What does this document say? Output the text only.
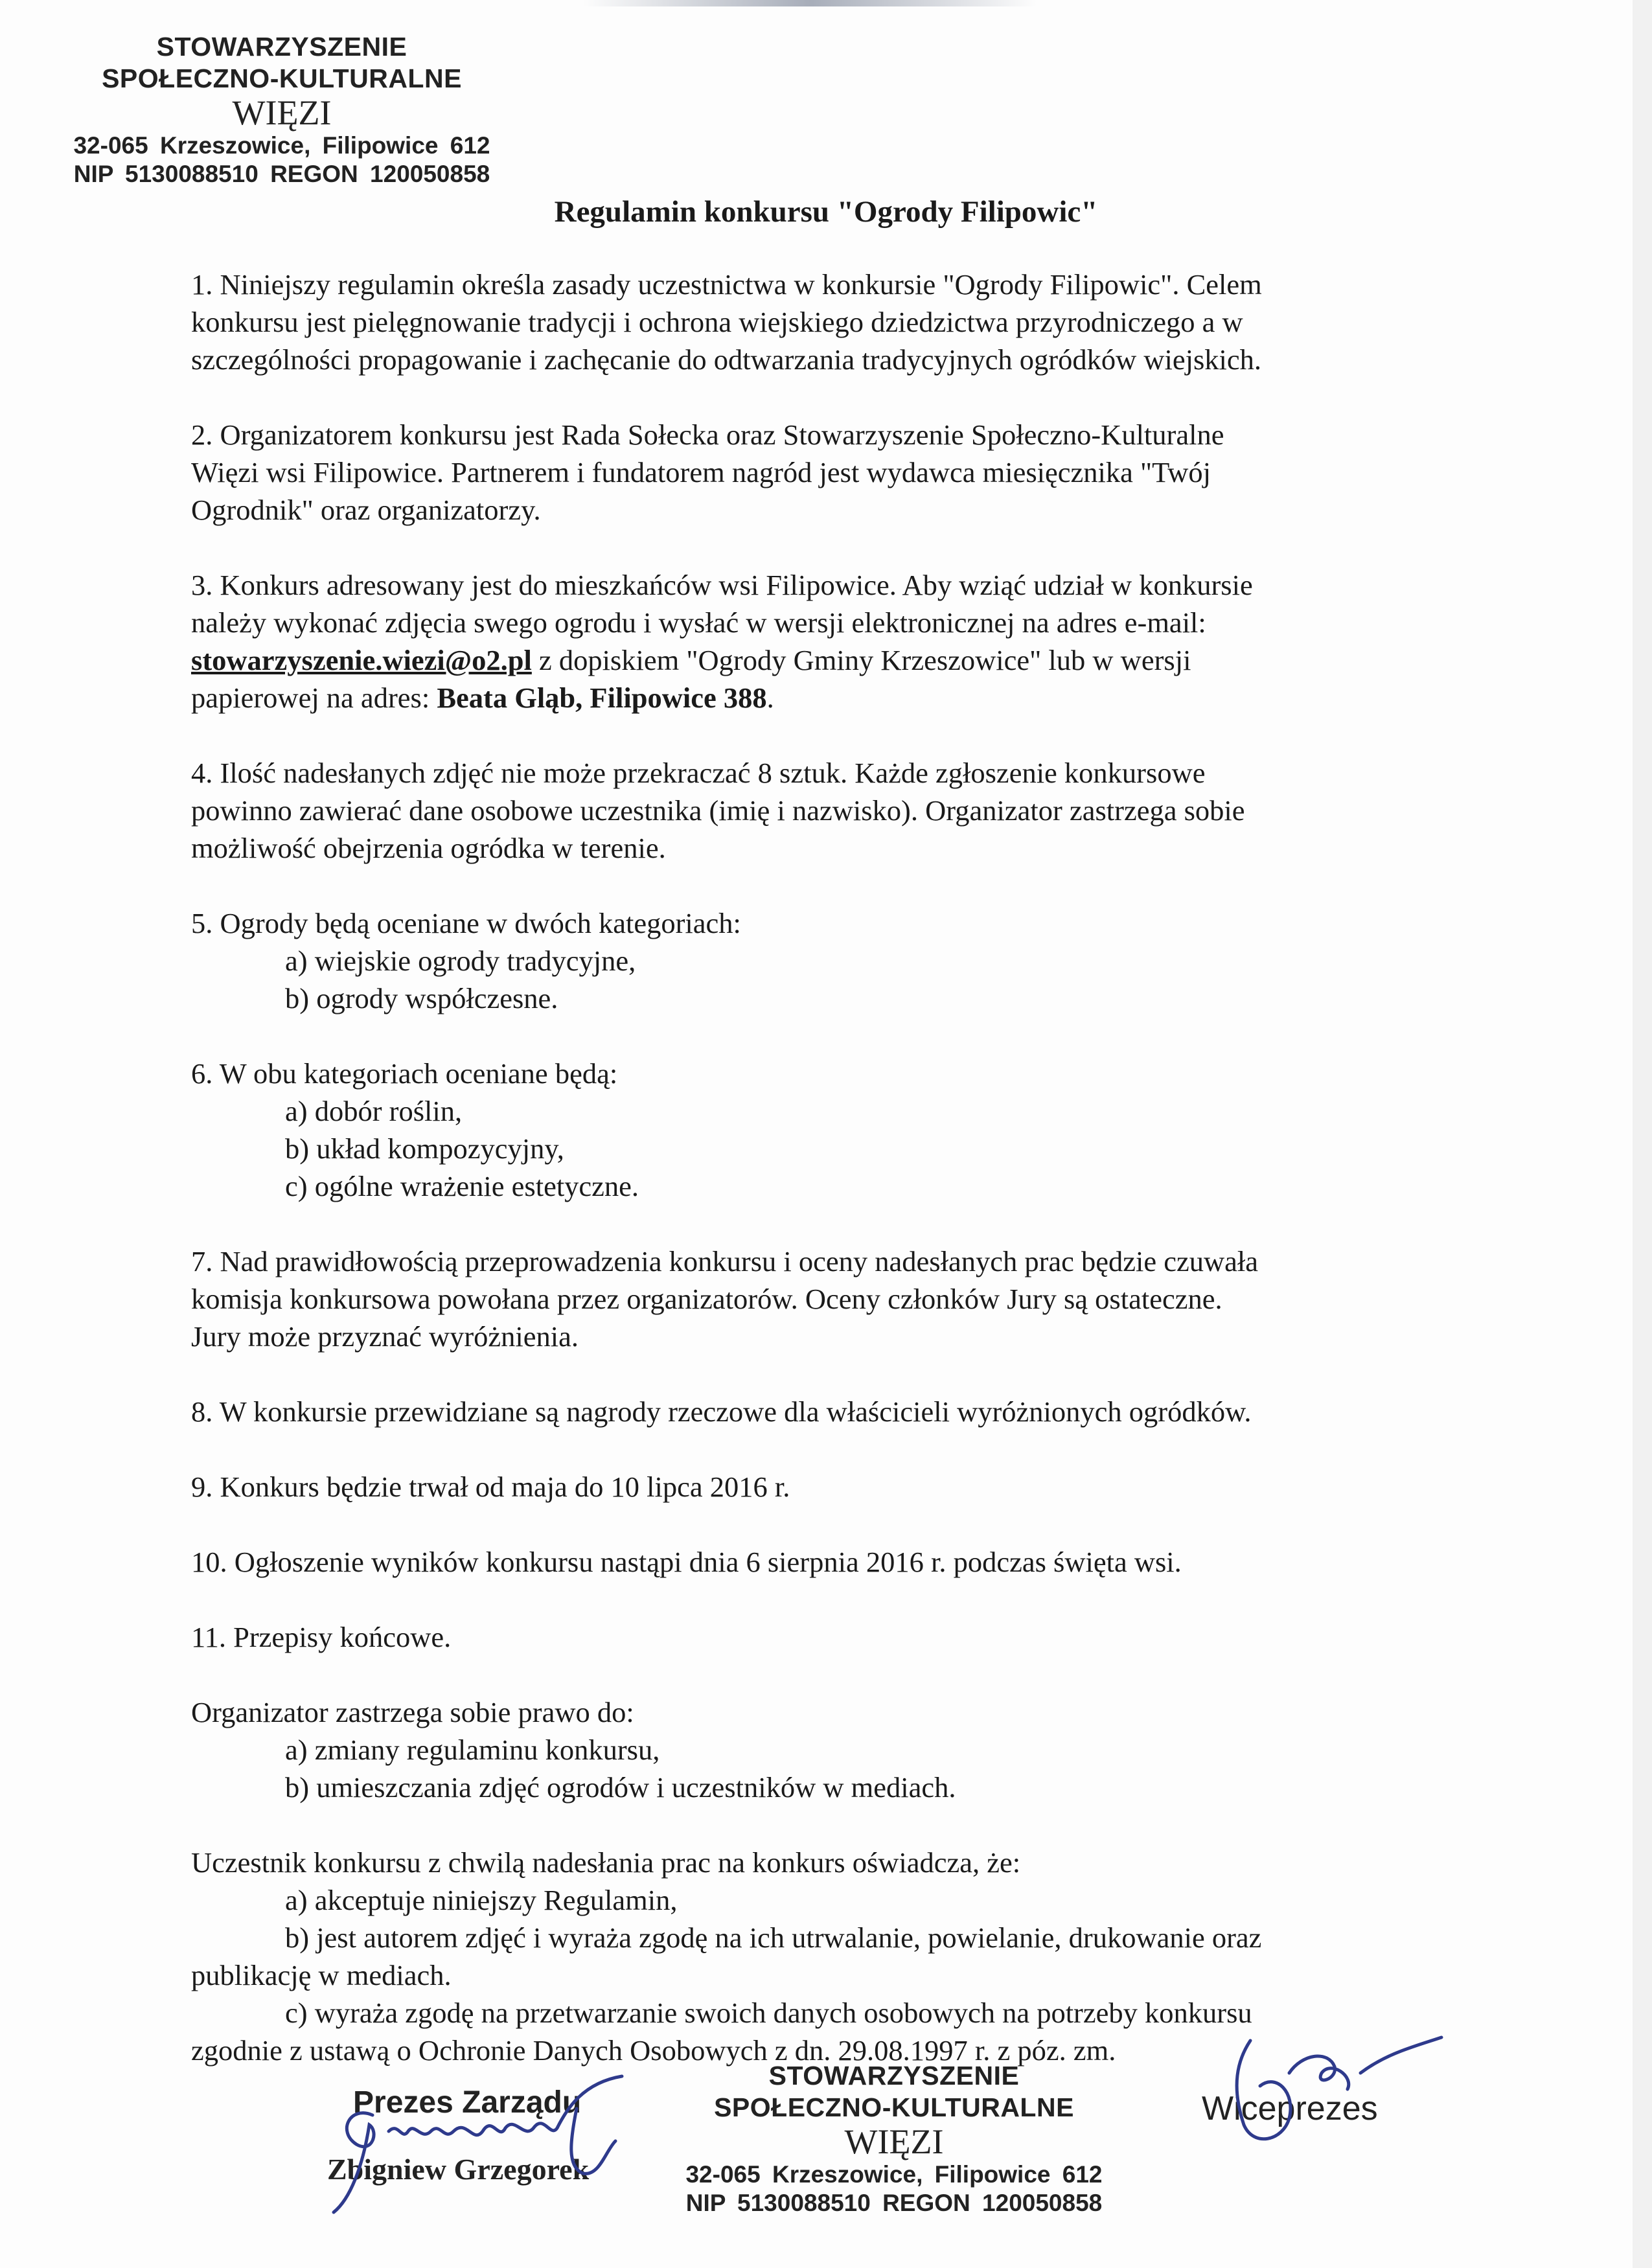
STOWARZYSZENIE
SPOŁECZNO-KULTURALNE
WIĘZI
32-065 Krzeszowice, Filipowice 612
NIP 5130088510 REGON 120050858
Regulamin konkursu "Ogrody Filipowic"

1. Niniejszy regulamin określa zasady uczestnictwa w konkursie "Ogrody Filipowic". Celem

konkursu jest pielęgnowanie tradycji i ochrona wiejskiego dziedzictwa przyrodniczego a w

szczególności propagowanie i zachęcanie do odtwarzania tradycyjnych ogródków wiejskich.

2. Organizatorem konkursu jest Rada Sołecka oraz Stowarzyszenie Społeczno-Kulturalne

Więzi wsi Filipowice. Partnerem i fundatorem nagród jest wydawca miesięcznika "Twój

Ogrodnik" oraz organizatorzy.

3. Konkurs adresowany jest do mieszkańców wsi Filipowice. Aby wziąć udział w konkursie

należy wykonać zdjęcia swego ogrodu i wysłać w wersji elektronicznej na adres e-mail:

stowarzyszenie.wiezi@o2.pl z dopiskiem "Ogrody Gminy Krzeszowice" lub w wersji

papierowej na adres: Beata Gląb, Filipowice 388.

4. Ilość nadesłanych zdjęć nie może przekraczać 8 sztuk. Każde zgłoszenie konkursowe

powinno zawierać dane osobowe uczestnika (imię i nazwisko). Organizator zastrzega sobie

możliwość obejrzenia ogródka w terenie.

5. Ogrody będą oceniane w dwóch kategoriach:

a) wiejskie ogrody tradycyjne,

b) ogrody współczesne.

6. W obu kategoriach oceniane będą:

a) dobór roślin,

b) układ kompozycyjny,

c) ogólne wrażenie estetyczne.

7. Nad prawidłowością przeprowadzenia konkursu i oceny nadesłanych prac będzie czuwała

komisja konkursowa powołana przez organizatorów. Oceny członków Jury są ostateczne.

Jury może przyznać wyróżnienia.

8. W konkursie przewidziane są nagrody rzeczowe dla właścicieli wyróżnionych ogródków.

9. Konkurs będzie trwał od maja do 10 lipca 2016 r.

10. Ogłoszenie wyników konkursu nastąpi dnia 6 sierpnia 2016 r. podczas święta wsi.

11. Przepisy końcowe.

Organizator zastrzega sobie prawo do:

a) zmiany regulaminu konkursu,

b) umieszczania zdjęć ogrodów i uczestników w mediach.

Uczestnik konkursu z chwilą nadesłania prac na konkurs oświadcza, że:

a) akceptuje niniejszy Regulamin,

b) jest autorem zdjęć i wyraża zgodę na ich utrwalanie, powielanie, drukowanie oraz

publikację w mediach.

c) wyraża zgodę na przetwarzanie swoich danych osobowych na potrzeby konkursu

zgodnie z ustawą o Ochronie Danych Osobowych z dn. 29.08.1997 r. z póz. zm.

Prezes Zarządu
Zbigniew Grzegorek
STOWARZYSZENIE
SPOŁECZNO-KULTURALNE
WIĘZI
32-065 Krzeszowice, Filipowice 612
NIP 5130088510 REGON 120050858
Wiceprezes
